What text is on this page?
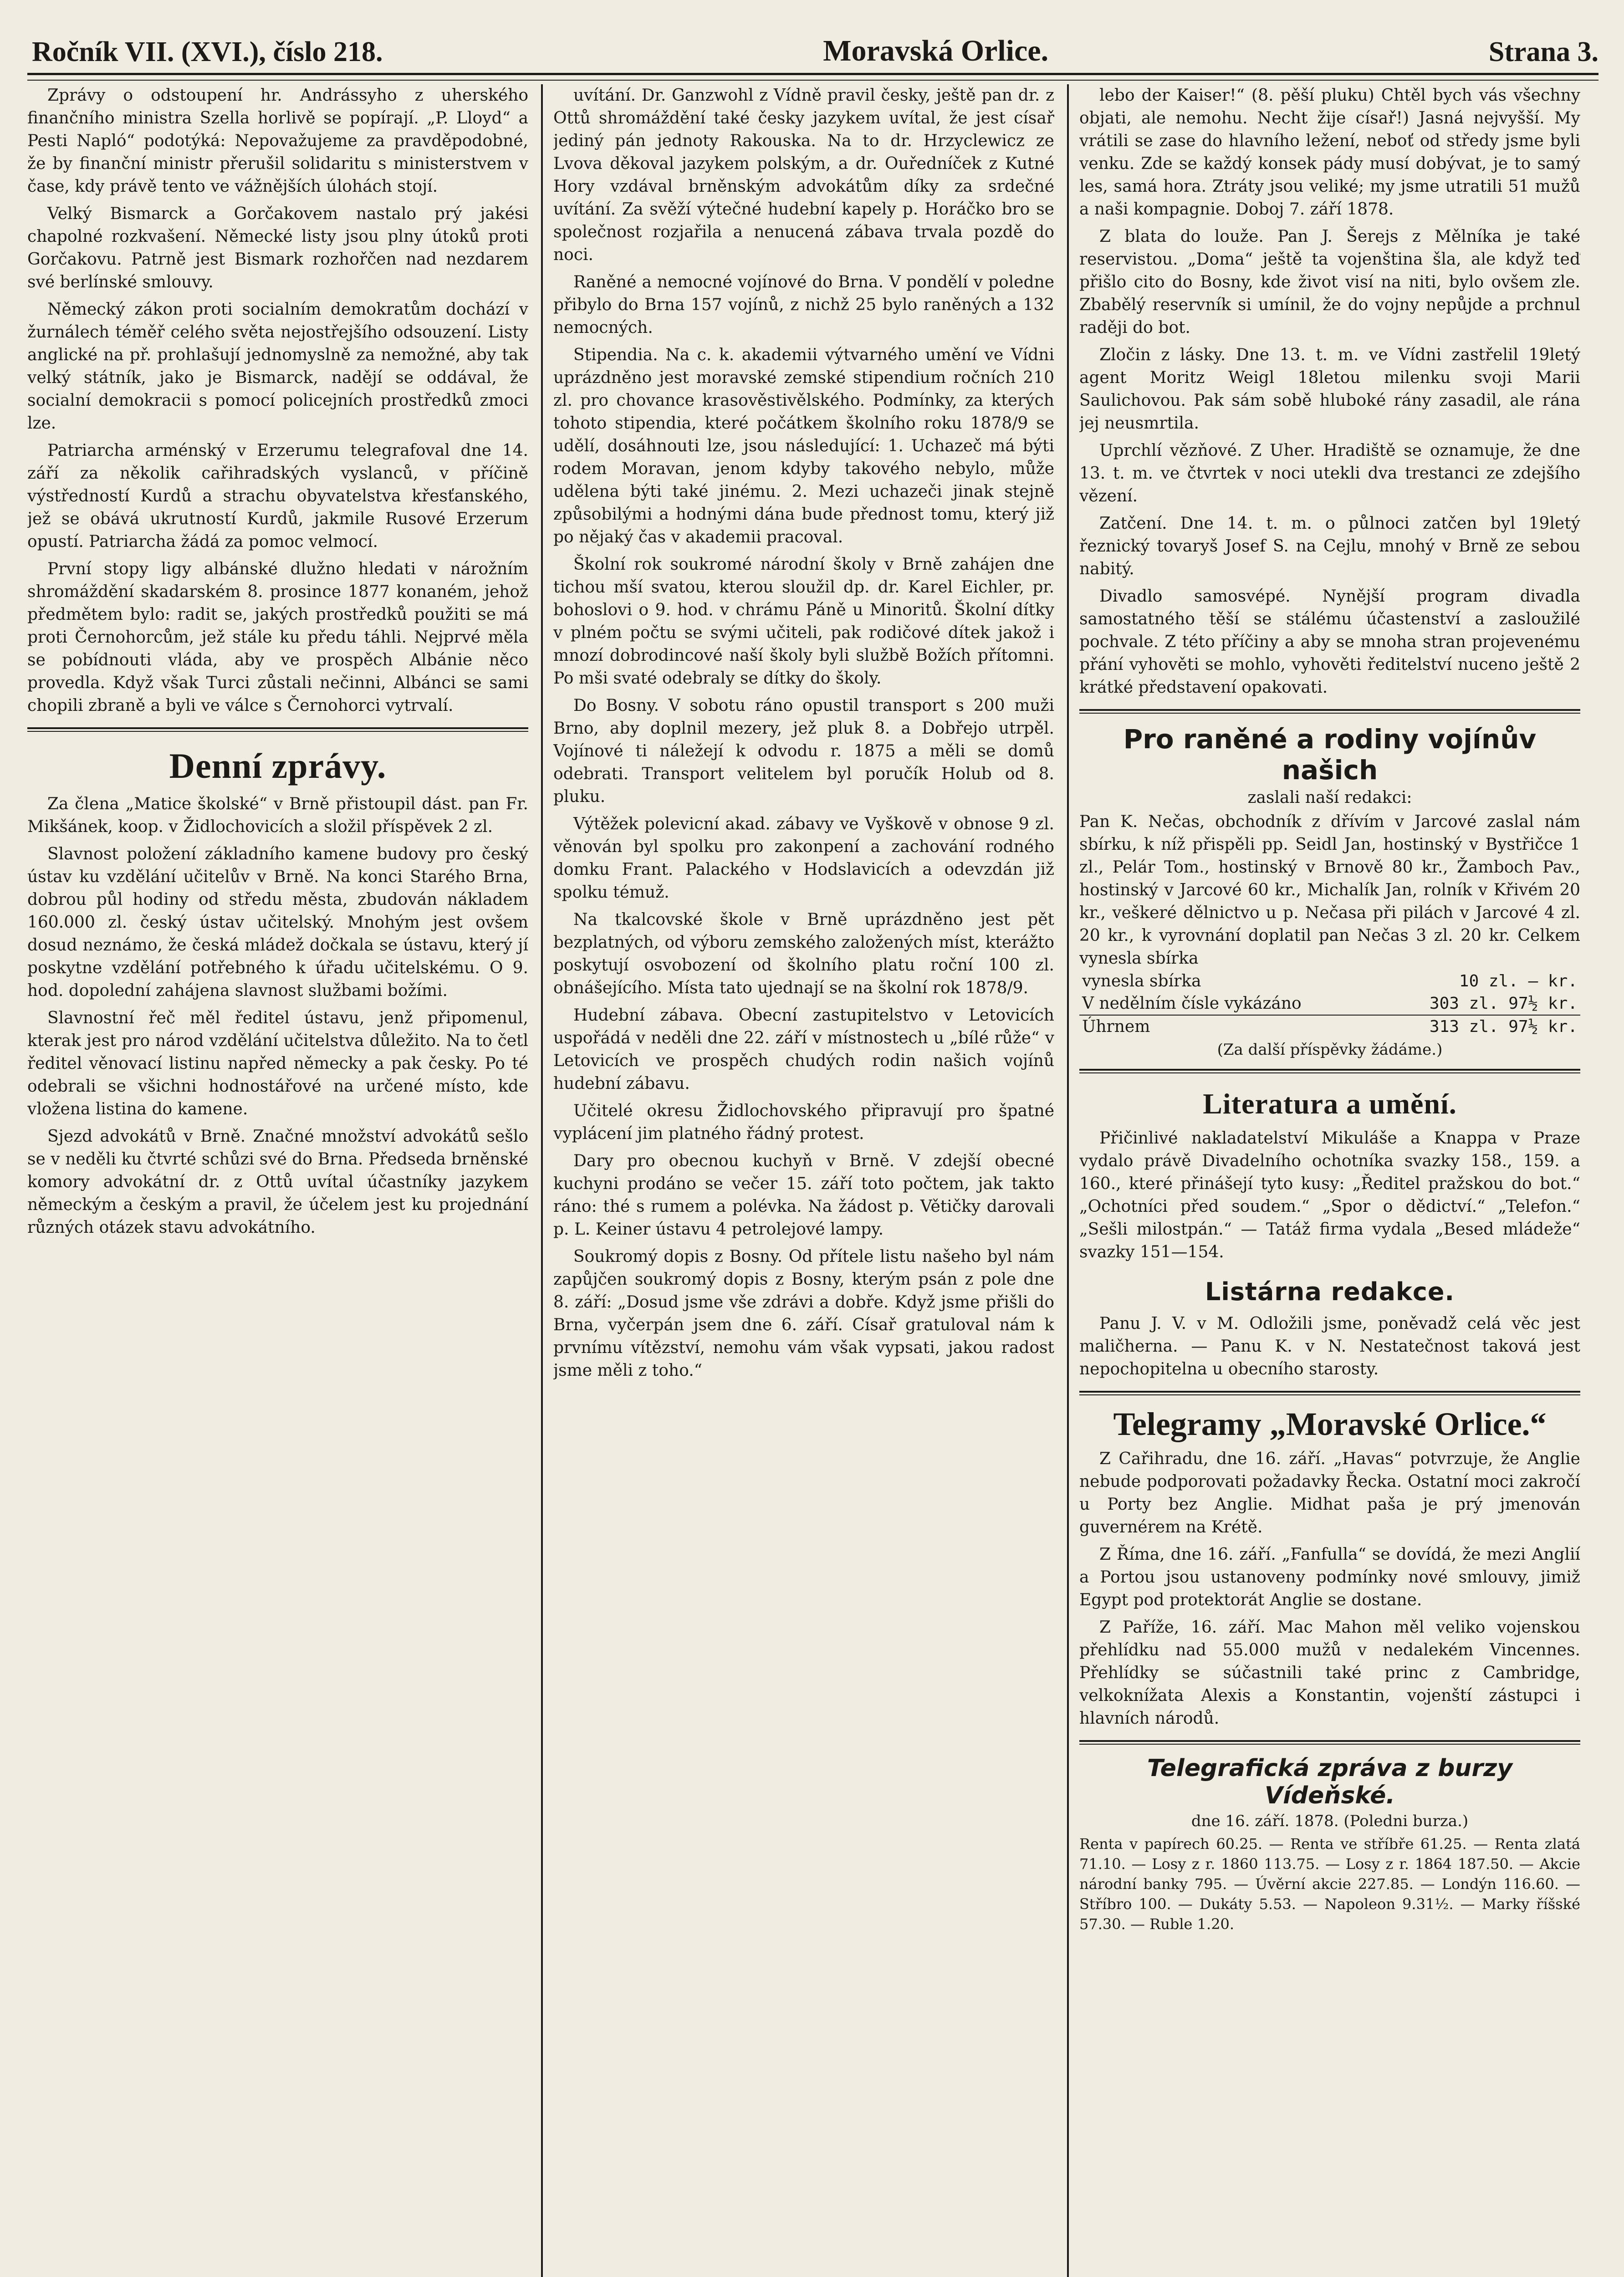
Ročník VII. (XVI.), číslo 218.	Moravská Orlice.	Strana 3.

Zprávy o odstoupení hr. Andrássyho z uherského finančního ministra Szella horlivě se popírají. „P. Lloyd“ a Pesti Napló“ podotýká: Nepovažujeme za pravděpodobné, že by finanční ministr přerušil solidaritu s ministerstvem v čase, kdy právě tento ve vážnějších úlohách stojí.

Velký Bismarck a Gorčakovem nastalo prý jakési chapolné rozkvašení. Německé listy jsou plny útoků proti Gorčakovu. Patrně jest Bismark rozhořčen nad nezdarem své berlínské smlouvy.

Německý zákon proti socialním demokratům dochází v žurnálech téměř celého světa nejostřejšího odsouzení. Listy anglické na př. prohlašují jednomyslně za nemožné, aby tak velký státník, jako je Bismarck, nadějí se oddával, že socialní demokracii s pomocí policejních prostředků zmoci lze.

Patriarcha arménský v Erzerumu telegrafoval dne 14. září za několik cařihradských vyslanců, v příčině výstředností Kurdů a strachu obyvatelstva křesťanského, jež se obává ukrutností Kurdů, jakmile Rusové Erzerum opustí. Patriarcha žádá za pomoc velmocí.

První stopy ligy albánské dlužno hledati v nárožním shromáždění skadarském 8. prosince 1877 konaném, jehož předmětem bylo: radit se, jakých prostředků použiti se má proti Černohorcům, jež stále ku předu táhli. Nejprvé měla se pobídnouti vláda, aby ve prospěch Albánie něco provedla. Když však Turci zůstali nečinni, Albánci se sami chopili zbraně a byli ve válce s Černohorci vytrvalí.

Denní zprávy.

Za člena „Matice školské“ v Brně přistoupil dást. pan Fr. Mikšánek, koop. v Židlochovicích a složil příspěvek 2 zl.

Slavnost položení základního kamene budovy pro český ústav ku vzdělání učitelův v Brně. Na konci Starého Brna, dobrou půl hodiny od středu města, zbudován nákladem 160.000 zl. český ústav učitelský. Mnohým jest ovšem dosud neznámo, že česká mládež dočkala se ústavu, který jí poskytne vzdělání potřebného k úřadu učitelskému. O 9. hod. dopolední zahájena slavnost službami božími.

Slavnostní řeč měl ředitel ústavu, jenž připomenul, kterak jest pro národ vzdělání učitelstva důležito. Na to četl ředitel věnovací listinu napřed německy a pak česky. Po té odebrali se všichni hodnostářové na určené místo, kde vložena listina do kamene.

Sjezd advokátů v Brně. Značné množství advokátů sešlo se v neděli ku čtvrté schůzi své do Brna. Předseda brněnské komory advokátní dr. z Ottů uvítal účastníky jazykem německým a českým a pravil, že účelem jest ku projednání různých otázek stavu advokátního.

uvítání. Dr. Ganzwohl z Vídně pravil česky, ještě pan dr. z Ottů shromáždění také česky jazykem uvítal, že jest císař jediný pán jednoty Rakouska. Na to dr. Hrzyclewicz ze Lvova děkoval jazykem polským, a dr. Ouředníček z Kutné Hory vzdával brněnským advokátům díky za srdečné uvítání. Za svěží výtečné hudební kapely p. Horáčko bro se společnost rozjařila a nenucená zábava trvala pozdě do noci.

Raněné a nemocné vojínové do Brna. V pondělí v poledne přibylo do Brna 157 vojínů, z nichž 25 bylo raněných a 132 nemocných.

Stipendia. Na c. k. akademii výtvarného umění ve Vídni uprázdněno jest moravské zemské stipendium ročních 210 zl. pro chovance krasověstivělského. Podmínky, za kterých tohoto stipendia, které počátkem školního roku 1878/9 se udělí, dosáhnouti lze, jsou následující: 1. Uchazeč má býti rodem Moravan, jenom kdyby takového nebylo, může udělena býti také jinému. 2. Mezi uchazeči jinak stejně způsobilými a hodnými dána bude přednost tomu, který již po nějaký čas v akademii pracoval.

Školní rok soukromé národní školy v Brně zahájen dne tichou mší svatou, kterou sloužil dp. dr. Karel Eichler, pr. bohoslovi o 9. hod. v chrámu Páně u Minoritů. Školní dítky v plném počtu se svými učiteli, pak rodičové dítek jakož i mnozí dobrodincové naší školy byli službě Božích přítomni. Po mši svaté odebraly se dítky do školy.

Do Bosny. V sobotu ráno opustil transport s 200 muži Brno, aby doplnil mezery, jež pluk 8. a Dobřejo utrpěl. Vojínové ti náležejí k odvodu r. 1875 a měli se domů odebrati. Transport velitelem byl poručík Holub od 8. pluku.

Výtěžek polevicní akad. zábavy ve Vyškově v obnose 9 zl. věnován byl spolku pro zakonpení a zachování rodného domku Frant. Palackého v Hodslavicích a odevzdán již spolku témuž.

Na tkalcovské škole v Brně uprázdněno jest pět bezplatných, od výboru zemského založených míst, kterážto poskytují osvobození od školního platu roční 100 zl. obnášejícího. Místa tato ujednají se na školní rok 1878/9.

Hudební zábava. Obecní zastupitelstvo v Letovicích uspořádá v neděli dne 22. září v místnostech u „bílé růže“ v Letovicích ve prospěch chudých rodin našich vojínů hudební zábavu.

Učitelé okresu Židlochovského připravují pro špatné vyplácení jim platného řádný protest.

Dary pro obecnou kuchyň v Brně. V zdejší obecné kuchyni prodáno se večer 15. září toto počtem, jak takto ráno: thé s rumem a polévka. Na žádost p. Větičky darovali p. L. Keiner ústavu 4 petrolejové lampy.

Soukromý dopis z Bosny. Od přítele listu našeho byl nám zapůjčen soukromý dopis z Bosny, kterým psán z pole dne 8. září: „Dosud jsme vše zdrávi a dobře. Když jsme přišli do Brna, vyčerpán jsem dne 6. září. Císař gratuloval nám k prvnímu vítězství, nemohu vám však vypsati, jakou radost jsme měli z toho.“

lebo der Kaiser!“ (8. pěší pluku) Chtěl bych vás všechny objati, ale nemohu. Necht žije císař!) Jasná nejvyšší. My vrátili se zase do hlavního ležení, neboť od středy jsme byli venku. Zde se každý konsek pády musí dobývat, je to samý les, samá hora. Ztráty jsou veliké; my jsme utratili 51 mužů a naši kompagnie. Doboj 7. září 1878.

Z blata do louže. Pan J. Šerejs z Mělníka je také reservistou. „Doma“ ještě ta vojenština šla, ale když teď přišlo cito do Bosny, kde život visí na niti, bylo ovšem zle. Zbabělý reservník si umínil, že do vojny nepůjde a prchnul raději do bot.

Zločin z lásky. Dne 13. t. m. ve Vídni zastřelil 19letý agent Moritz Weigl 18letou milenku svoji Marii Saulichovou. Pak sám sobě hluboké rány zasadil, ale rána jej neusmrtila.

Uprchlí vězňové. Z Uher. Hradiště se oznamuje, že dne 13. t. m. ve čtvrtek v noci utekli dva trestanci ze zdejšího vězení.

Zatčení. Dne 14. t. m. o půlnoci zatčen byl 19letý řeznický tovaryš Josef S. na Cejlu, mnohý v Brně ze sebou nabitý.

Divadlo samosvépé. Nynější program divadla samostatného těší se stálému účastenství a zasloužilé pochvale. Z této příčiny a aby se mnoha stran projevenému přání vyhověti se mohlo, vyhověti ředitelství nuceno ještě 2 krátké představení opakovati.

Pro raněné a rodiny vojínův našich
zaslali naší redakci:

Pan K. Nečas, obchodník z dřívím v Jarcové zaslal nám sbírku, k níž přispěli pp. Seidl Jan, hostinský v Bystřičce 1 zl., Pelár Tom., hostinský v Brnově 80 kr., Žamboch Pav., hostinský v Jarcové 60 kr., Michalík Jan, rolník v Křivém 20 kr., veškeré dělnictvo u p. Nečasa při pilách v Jarcové 4 zl. 20 kr., k vyrovnání doplatil pan Nečas 3 zl. 20 kr. Celkem vynesla sbírka

vynesla sbírka	10 zl. — kr.
V nedělním čísle vykázáno	303 zl. 97½ kr.
Úhrnem	313 zl. 97½ kr.
(Za další příspěvky žádáme.)
Literatura a umění.

Přičinlivé nakladatelství Mikuláše a Knappa v Praze vydalo právě Divadelního ochotníka svazky 158., 159. a 160., které přinášejí tyto kusy: „Ředitel pražskou do bot.“ „Ochotníci před soudem.“ „Spor o dědictví.“ „Telefon.“ „Sešli milostpán.“ — Tatáž firma vydala „Besed mládeže“ svazky 151—154.

Listárna redakce.

Panu J. V. v M. Odložili jsme, poněvadž celá věc jest maličherna. — Panu K. v N. Nestatečnost taková jest nepochopitelna u obecního starosty.

Telegramy „Moravské Orlice.“

Z Cařihradu, dne 16. září. „Havas“ potvrzuje, že Anglie nebude podporovati požadavky Řecka. Ostatní moci zakročí u Porty bez Anglie. Midhat paša je prý jmenován guvernérem na Krétě.

Z Říma, dne 16. září. „Fanfulla“ se dovídá, že mezi Anglií a Portou jsou ustanoveny podmínky nové smlouvy, jimiž Egypt pod protektorát Anglie se dostane.

Z Paříže, 16. září. Mac Mahon měl veliko vojenskou přehlídku nad 55.000 mužů v nedalekém Vincennes. Přehlídky se súčastnili také princ z Cambridge, velkoknížata Alexis a Konstantin, vojenští zástupci i hlavních národů.

Telegrafická zpráva z burzy Vídeňské.
dne 16. září. 1878. (Poledni burza.)

Renta v papírech 60.25. — Renta ve stříbře 61.25. — Renta zlatá 71.10. — Losy z r. 1860 113.75. — Losy z r. 1864 187.50. — Akcie národní banky 795. — Úvěrní akcie 227.85. — Londýn 116.60. — Stříbro 100. — Dukáty 5.53. — Napoleon 9.31½. — Marky říšské 57.30. — Ruble 1.20.
